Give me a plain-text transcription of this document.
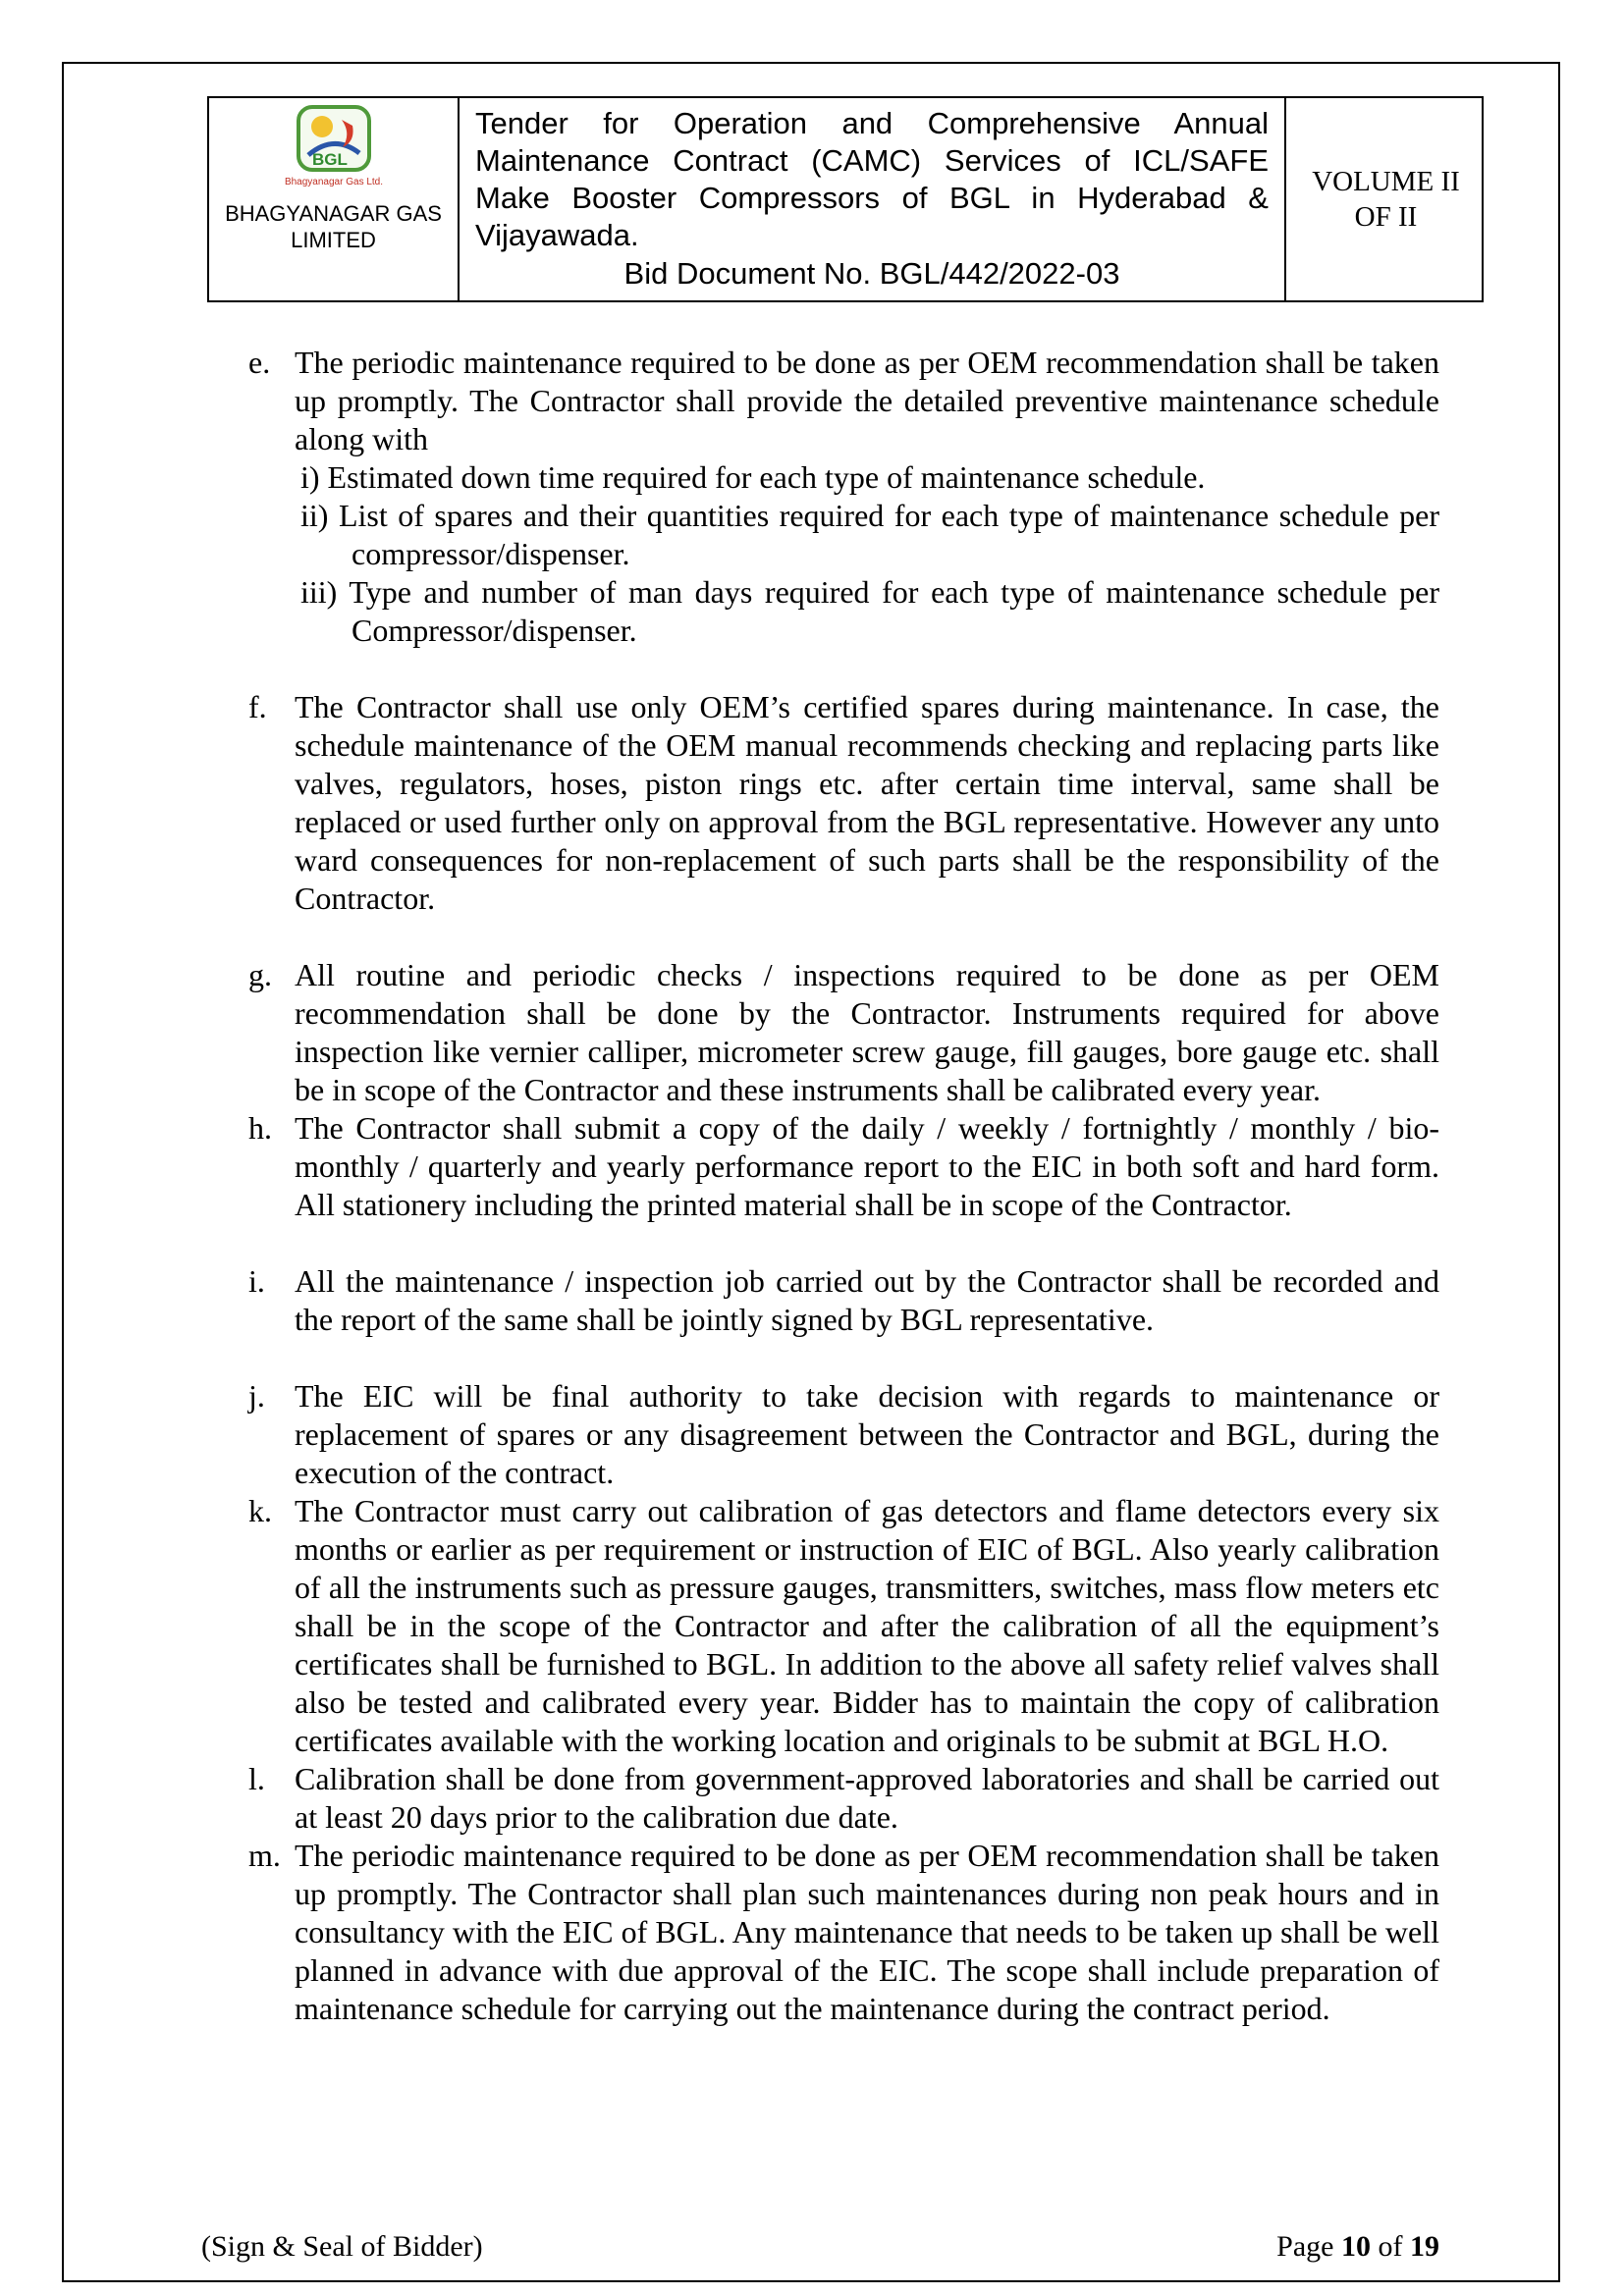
BGL
Bhagyanagar Gas Ltd.
BHAGYANAGAR GAS
LIMITED
Tender for Operation and Comprehensive Annual Maintenance Contract (CAMC) Services of ICL/SAFE Make Booster Compressors of BGL in Hyderabad & Vijayawada.
Bid Document No. BGL/442/2022-03
VOLUME II
OF II
e. The periodic maintenance required to be done as per OEM recommendation shall be taken up promptly. The Contractor shall provide the detailed preventive maintenance schedule along with
i) Estimated down time required for each type of maintenance schedule.
ii) List of spares and their quantities required for each type of maintenance schedule per compressor/dispenser.
iii) Type and number of man days required for each type of maintenance schedule per Compressor/dispenser.
f. The Contractor shall use only OEM’s certified spares during maintenance. In case, the schedule maintenance of the OEM manual recommends checking and replacing parts like valves, regulators, hoses, piston rings etc. after certain time interval, same shall be replaced or used further only on approval from the BGL representative. However any unto ward consequences for non-replacement of such parts shall be the responsibility of the Contractor.
g. All routine and periodic checks / inspections required to be done as per OEM recommendation shall be done by the Contractor. Instruments required for above inspection like vernier calliper, micrometer screw gauge, fill gauges, bore gauge etc. shall be in scope of the Contractor and these instruments shall be calibrated every year.
h. The Contractor shall submit a copy of the daily / weekly / fortnightly / monthly / bio-monthly / quarterly and yearly performance report to the EIC in both soft and hard form. All stationery including the printed material shall be in scope of the Contractor.
i. All the maintenance / inspection job carried out by the Contractor shall be recorded and the report of the same shall be jointly signed by BGL representative.
j. The EIC will be final authority to take decision with regards to maintenance or replacement of spares or any disagreement between the Contractor and BGL, during the execution of the contract.
k. The Contractor must carry out calibration of gas detectors and flame detectors every six months or earlier as per requirement or instruction of EIC of BGL. Also yearly calibration of all the instruments such as pressure gauges, transmitters, switches, mass flow meters etc shall be in the scope of the Contractor and after the calibration of all the equipment’s certificates shall be furnished to BGL. In addition to the above all safety relief valves shall also be tested and calibrated every year. Bidder has to maintain the copy of calibration certificates available with the working location and originals to be submit at BGL H.O.
l. Calibration shall be done from government-approved laboratories and shall be carried out at least 20 days prior to the calibration due date.
m. The periodic maintenance required to be done as per OEM recommendation shall be taken up promptly. The Contractor shall plan such maintenances during non peak hours and in consultancy with the EIC of BGL. Any maintenance that needs to be taken up shall be well planned in advance with due approval of the EIC. The scope shall include preparation of maintenance schedule for carrying out the maintenance during the contract period.
(Sign & Seal of Bidder)	Page 10 of 19
